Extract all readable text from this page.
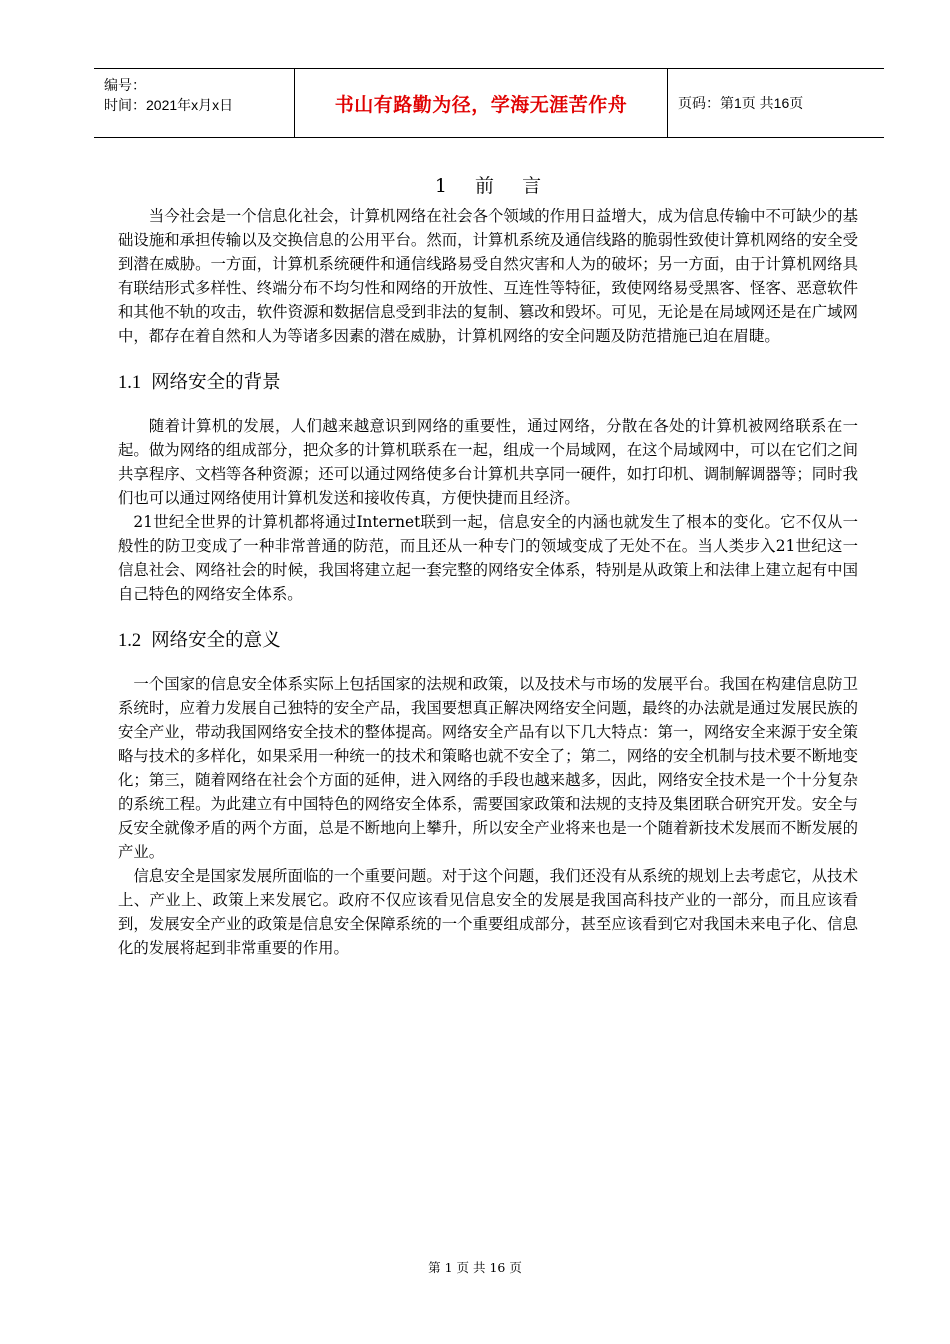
编号：
时间：2021年x月x日	书山有路勤为径，学海无涯苦作舟	页码：第1页 共16页
1 前 言

当今社会是一个信息化社会，计算机网络在社会各个领域的作用日益增大，成为信息传输中不可缺少的基础设施和承担传输以及交换信息的公用平台。然而，计算机系统及通信线路的脆弱性致使计算机网络的安全受到潜在威胁。一方面，计算机系统硬件和通信线路易受自然灾害和人为的破坏；另一方面，由于计算机网络具有联结形式多样性、终端分布不均匀性和网络的开放性、互连性等特征，致使网络易受黑客、怪客、恶意软件和其他不轨的攻击，软件资源和数据信息受到非法的复制、篡改和毁坏。可见，无论是在局域网还是在广域网中，都存在着自然和人为等诸多因素的潜在威胁，计算机网络的安全问题及防范措施已迫在眉睫。

1.1 网络安全的背景

随着计算机的发展，人们越来越意识到网络的重要性，通过网络，分散在各处的计算机被网络联系在一起。做为网络的组成部分，把众多的计算机联系在一起，组成一个局域网，在这个局域网中，可以在它们之间共享程序、文档等各种资源；还可以通过网络使多台计算机共享同一硬件，如打印机、调制解调器等；同时我们也可以通过网络使用计算机发送和接收传真，方便快捷而且经济。

21世纪全世界的计算机都将通过Internet联到一起，信息安全的内涵也就发生了根本的变化。它不仅从一般性的防卫变成了一种非常普通的防范，而且还从一种专门的领域变成了无处不在。当人类步入21世纪这一信息社会、网络社会的时候，我国将建立起一套完整的网络安全体系，特别是从政策上和法律上建立起有中国自己特色的网络安全体系。

1.2 网络安全的意义

一个国家的信息安全体系实际上包括国家的法规和政策，以及技术与市场的发展平台。我国在构建信息防卫系统时，应着力发展自己独特的安全产品，我国要想真正解决网络安全问题，最终的办法就是通过发展民族的安全产业，带动我国网络安全技术的整体提高。网络安全产品有以下几大特点：第一，网络安全来源于安全策略与技术的多样化，如果采用一种统一的技术和策略也就不安全了；第二，网络的安全机制与技术要不断地变化；第三，随着网络在社会个方面的延伸，进入网络的手段也越来越多，因此，网络安全技术是一个十分复杂的系统工程。为此建立有中国特色的网络安全体系，需要国家政策和法规的支持及集团联合研究开发。安全与反安全就像矛盾的两个方面，总是不断地向上攀升，所以安全产业将来也是一个随着新技术发展而不断发展的产业。

信息安全是国家发展所面临的一个重要问题。对于这个问题，我们还没有从系统的规划上去考虑它，从技术上、产业上、政策上来发展它。政府不仅应该看见信息安全的发展是我国高科技产业的一部分，而且应该看到，发展安全产业的政策是信息安全保障系统的一个重要组成部分，甚至应该看到它对我国未来电子化、信息化的发展将起到非常重要的作用。

第 1 页 共 16 页
